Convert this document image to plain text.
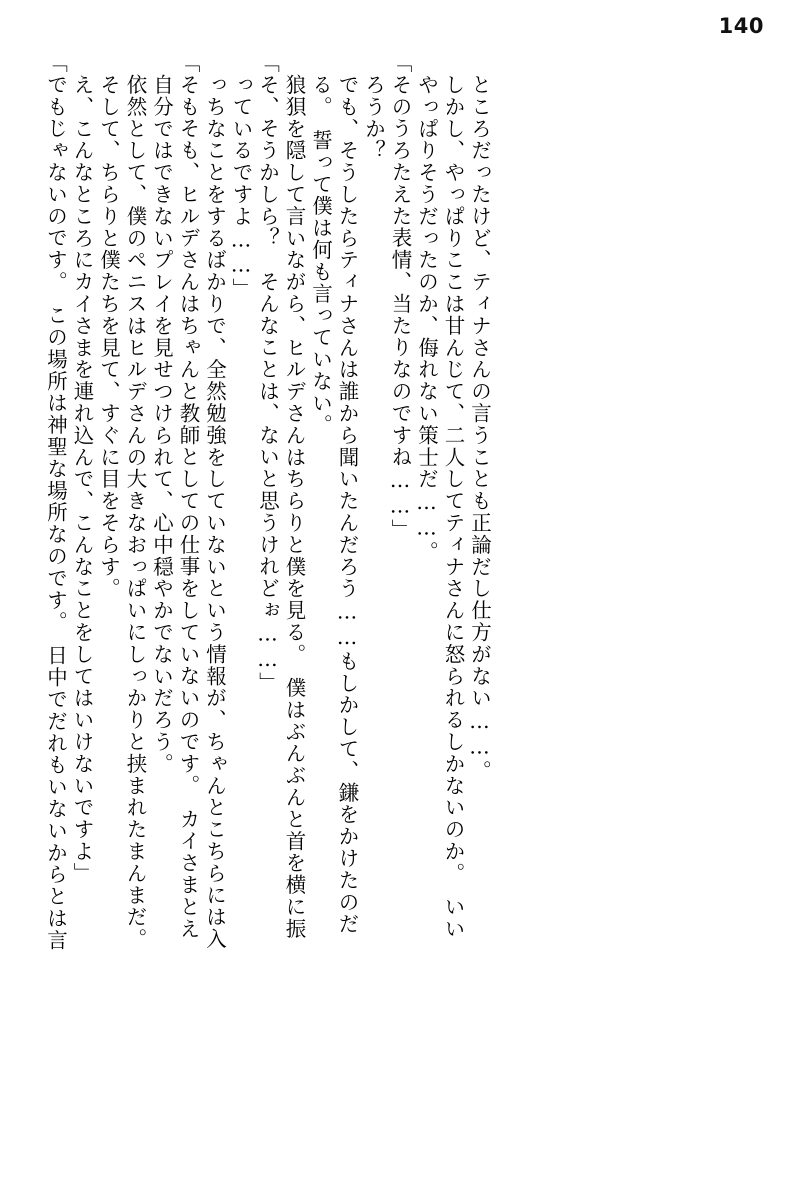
140
「でもじゃないのです。　この場所は神聖な場所なのです。　日中でだれもいないからとは言 え、こんなところにカイさまを連れ込んで、こんなことをしてはいけないですよ」 そして、ちらりと僕たちを見て、すぐに目をそらす。 依然として、僕のペニスはヒルデさんの大きなおっぱいにしっかりと挟まれたまんまだ。 自分ではできないプレイを見せつけられて、心中穏やかでないだろう。 「そもそも、ヒルデさんはちゃんと教師としての仕事をしていないのです。　カイさまとえ っちなことをするばかりで、全然勉強をしていないという情報が、ちゃんとこちらには入 っているですよ……」 「そ、そうかしら？　そんなことは、ないと思うけれどぉ……」 狼狽を隠して言いながら、ヒルデさんはちらりと僕を見る。　僕はぶんぶんと首を横に振 る。　誓って僕は何も言っていない。 でも、そうしたらティナさんは誰から聞いたんだろう……もしかして、鎌をかけたのだ ろうか？ 「そのうろたえた表情、当たりなのですね……」 やっぱりそうだったのか、侮れない策士だ……。 しかし、やっぱりここは甘んじて、二人してティナさんに怒られるしかないのか。　いい ところだったけど、ティナさんの言うことも正論だし仕方がない……。
